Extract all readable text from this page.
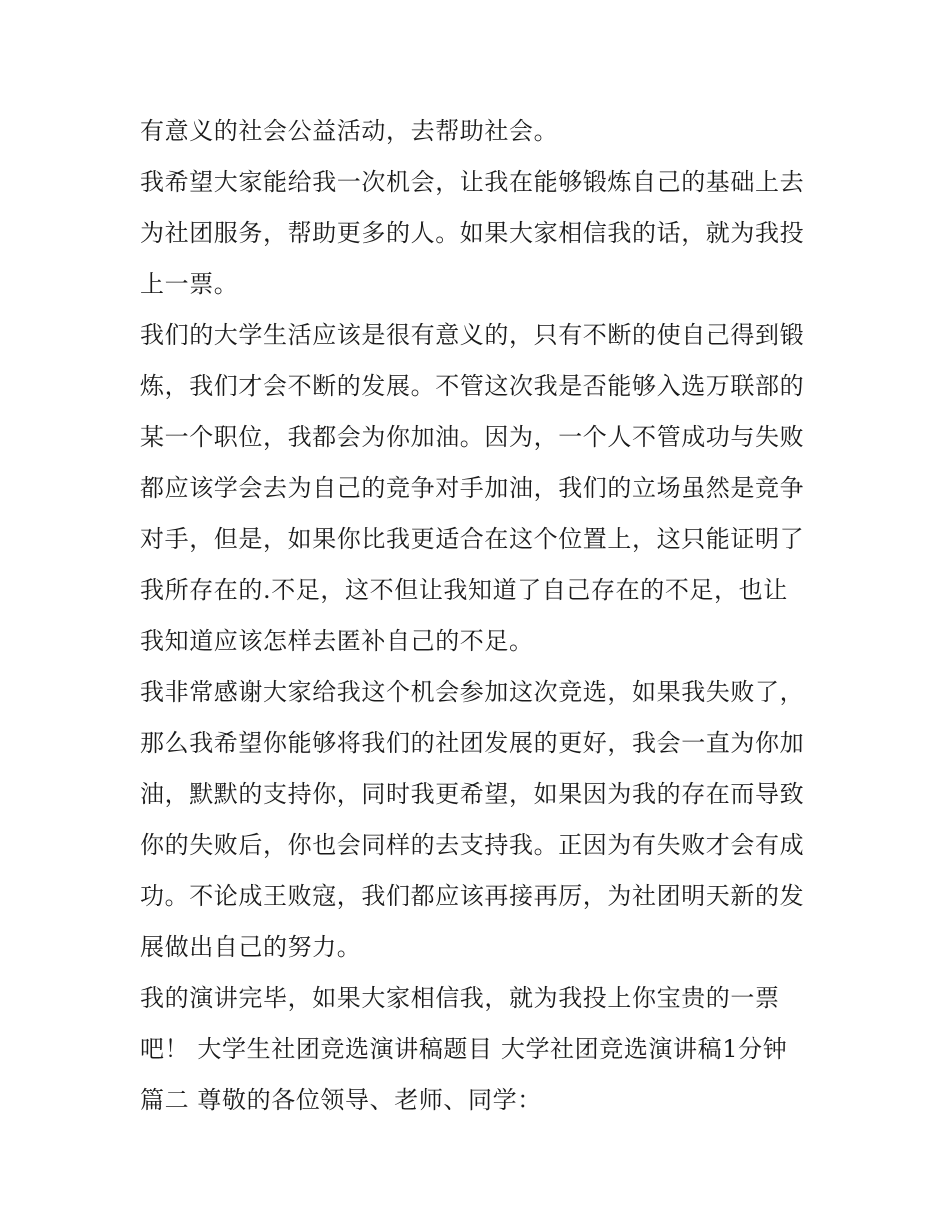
有意义的社会公益活动，去帮助社会。
我希望大家能给我一次机会，让我在能够锻炼自己的基础上去
为社团服务，帮助更多的人。如果大家相信我的话，就为我投
上一票。
我们的大学生活应该是很有意义的，只有不断的使自己得到锻
炼，我们才会不断的发展。不管这次我是否能够入选万联部的
某一个职位，我都会为你加油。因为，一个人不管成功与失败
都应该学会去为自己的竞争对手加油，我们的立场虽然是竞争
对手，但是，如果你比我更适合在这个位置上，这只能证明了
我所存在的.不足，这不但让我知道了自己存在的不足，也让
我知道应该怎样去匿补自己的不足。
我非常感谢大家给我这个机会参加这次竞选，如果我失败了，
那么我希望你能够将我们的社团发展的更好，我会一直为你加
油，默默的支持你，同时我更希望，如果因为我的存在而导致
你的失败后，你也会同样的去支持我。正因为有失败才会有成
功。不论成王败寇，我们都应该再接再厉，为社团明天新的发
展做出自己的努力。
我的演讲完毕，如果大家相信我，就为我投上你宝贵的一票
吧！ 大学生社团竞选演讲稿题目 大学社团竞选演讲稿1分钟
篇二 尊敬的各位领导、老师、同学：
